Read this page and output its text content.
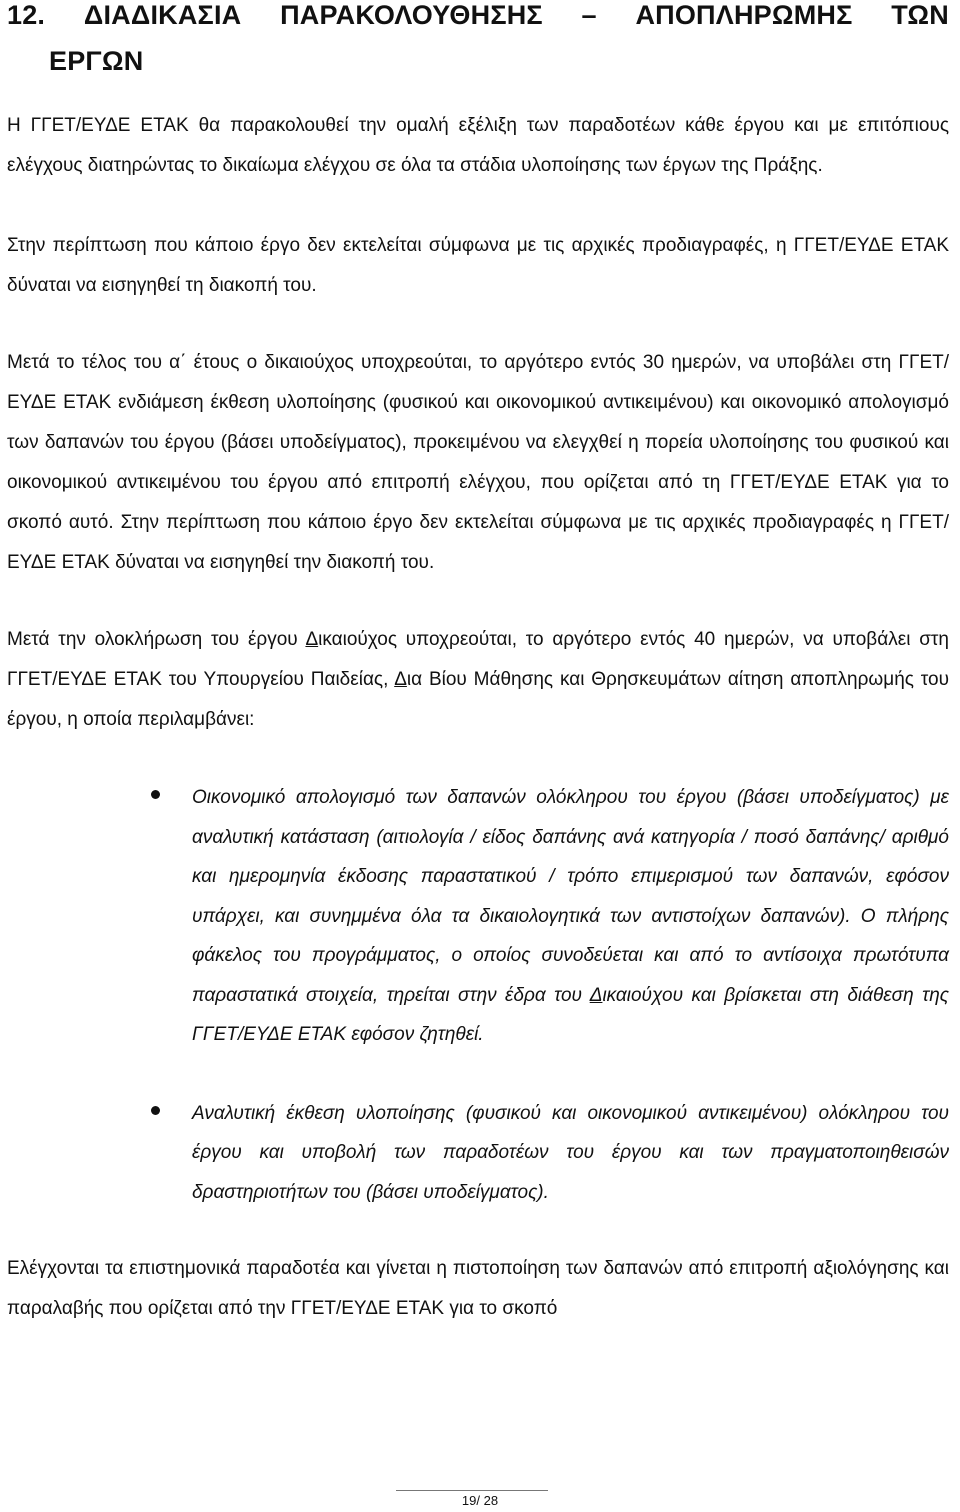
12. ΔΙΑΔΙΚΑΣΙΑ ΠΑΡΑΚΟΛΟΥΘΗΣΗΣ – ΑΠΟΠΛΗΡΩΜΗΣ ΤΩΝ
ΕΡΓΩΝ

Η ΓΓΕΤ/ΕΥΔΕ ΕΤΑΚ θα παρακολουθεί την ομαλή εξέλιξη των παραδοτέων κάθε έργου και με επιτόπιους ελέγχους διατηρώντας το δικαίωμα ελέγχου σε όλα τα στάδια υλοποίησης των έργων της Πράξης.

Στην περίπτωση που κάποιο έργο δεν εκτελείται σύμφωνα με τις αρχικές προδιαγραφές, η ΓΓΕΤ/ΕΥΔΕ ΕΤΑΚ δύναται να εισηγηθεί τη διακοπή του.

Μετά το τέλος του α΄ έτους ο δικαιούχος υποχρεούται, το αργότερο εντός 30 ημερών, να υποβάλει στη ΓΓΕΤ/ΕΥΔΕ ΕΤΑΚ ενδιάμεση έκθεση υλοποίησης (φυσικού και οικονομικού αντικειμένου) και οικονομικό απολογισμό των δαπανών του έργου (βάσει υποδείγματος), προκειμένου να ελεγχθεί η πορεία υλοποίησης του φυσικού και οικονομικού αντικειμένου του έργου από επιτροπή ελέγχου, που ορίζεται από τη ΓΓΕΤ/ΕΥΔΕ ΕΤΑΚ για το σκοπό αυτό. Στην περίπτωση που κάποιο έργο δεν εκτελείται σύμφωνα με τις αρχικές προδιαγραφές η ΓΓΕΤ/ΕΥΔΕ ΕΤΑΚ δύναται να εισηγηθεί την διακοπή του.

Μετά την ολοκλήρωση του έργου Δικαιούχος υποχρεούται, το αργότερο εντός 40 ημερών, να υποβάλει στη ΓΓΕΤ/ΕΥΔΕ ΕΤΑΚ του Υπουργείου Παιδείας, Δια Βίου Μάθησης και Θρησκευμάτων αίτηση αποπληρωμής του έργου, η οποία περιλαμβάνει:

Οικονομικό απολογισμό των δαπανών ολόκληρου του έργου (βάσει υποδείγματος) με αναλυτική κατάσταση (αιτιολογία / είδος δαπάνης ανά κατηγορία / ποσό δαπάνης/ αριθμό και ημερομηνία έκδοσης παραστατικού / τρόπο επιμερισμού των δαπανών, εφόσον υπάρχει, και συνημμένα όλα τα δικαιολογητικά των αντιστοίχων δαπανών). Ο πλήρης φάκελος του προγράμματος, ο οποίος συνοδεύεται και από το αντίσοιχα πρωτότυπα παραστατικά στοιχεία, τηρείται στην έδρα του Δικαιούχου και βρίσκεται στη διάθεση της ΓΓΕΤ/ΕΥΔΕ ΕΤΑΚ εφόσον ζητηθεί.
Αναλυτική έκθεση υλοποίησης (φυσικού και οικονομικού αντικειμένου) ολόκληρου του έργου και υποβολή των παραδοτέων του έργου και των πραγματοποιηθεισών δραστηριοτήτων του (βάσει υποδείγματος).

Ελέγχονται τα επιστημονικά παραδοτέα και γίνεται η πιστοποίηση των δαπανών από επιτροπή αξιολόγησης και παραλαβής που ορίζεται από την ΓΓΕΤ/ΕΥΔΕ ΕΤΑΚ για το σκοπό

19/ 28
